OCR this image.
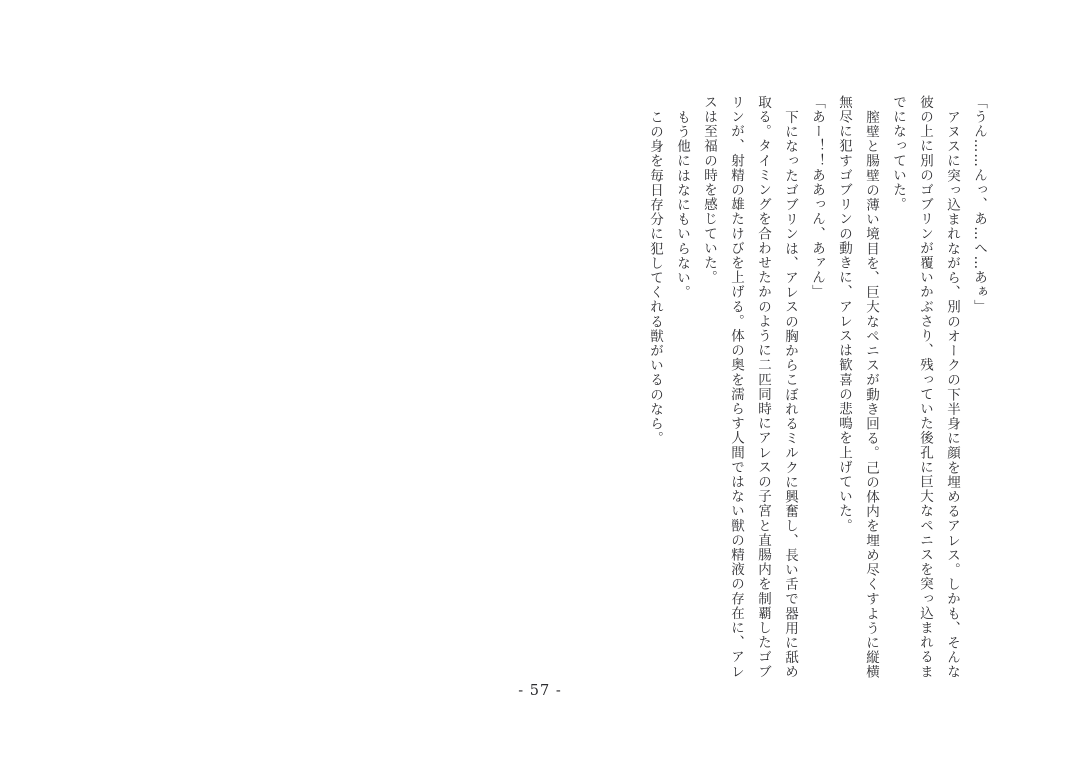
「うん……んっ、あ…へ…あぁ」

アヌスに突っ込まれながら、別のオークの下半身に顔を埋めるアレス。しかも、そんな

彼の上に別のゴブリンが覆いかぶさり、残っていた後孔に巨大なペニスを突っ込まれるま

でになっていた。

膣壁と腸壁の薄い境目を、巨大なペニスが動き回る。己の体内を埋め尽くすように縦横

無尽に犯すゴブリンの動きに、アレスは歓喜の悲鳴を上げていた。

「あー！！ああっん、あァん」

下になったゴブリンは、アレスの胸からこぼれるミルクに興奮し、長い舌で器用に舐め

取る。タイミングを合わせたかのように二匹同時にアレスの子宮と直腸内を制覇したゴブ

リンが、射精の雄たけびを上げる。体の奥を濡らす人間ではない獣の精液の存在に、アレ

スは至福の時を感じていた。

もう他にはなにもいらない。

この身を毎日存分に犯してくれる獣がいるのなら。

- 57 -
